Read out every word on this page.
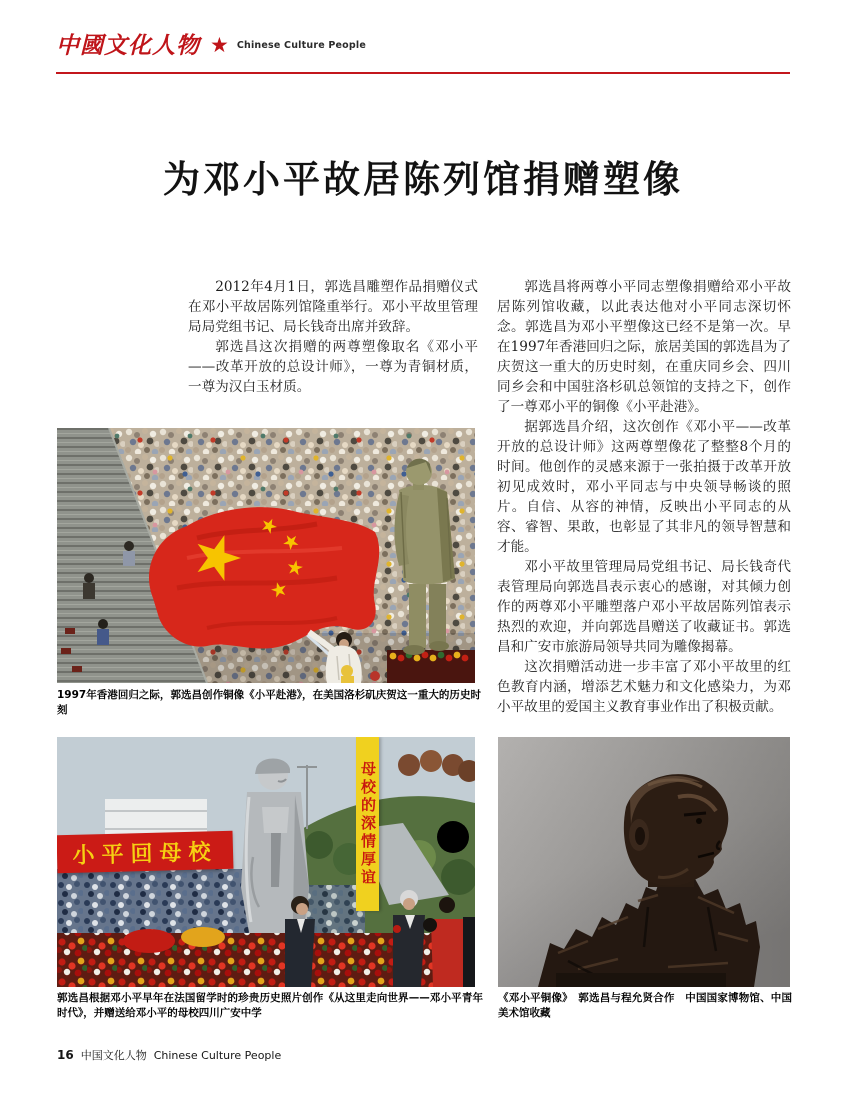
中國文化人物 ★ Chinese Culture People
为邓小平故居陈列馆捐赠塑像

2012年4月1日，郭选昌雕塑作品捐赠仪式在邓小平故居陈列馆隆重举行。邓小平故里管理局局党组书记、局长钱奇出席并致辞。

郭选昌这次捐赠的两尊塑像取名《邓小平——改革开放的总设计师》，一尊为青铜材质，一尊为汉白玉材质。

郭选昌将两尊小平同志塑像捐赠给邓小平故居陈列馆收藏，以此表达他对小平同志深切怀念。郭选昌为邓小平塑像这已经不是第一次。早在1997年香港回归之际，旅居美国的郭选昌为了庆贺这一重大的历史时刻，在重庆同乡会、四川同乡会和中国驻洛杉矶总领馆的支持之下，创作了一尊邓小平的铜像《小平赴港》。

据郭选昌介绍，这次创作《邓小平——改革开放的总设计师》这两尊塑像花了整整8个月的时间。他创作的灵感来源于一张拍摄于改革开放初见成效时，邓小平同志与中央领导畅谈的照片。自信、从容的神情，反映出小平同志的从容、睿智、果敢，也彰显了其非凡的领导智慧和才能。

邓小平故里管理局局党组书记、局长钱奇代表管理局向郭选昌表示衷心的感谢，对其倾力创作的两尊邓小平雕塑落户邓小平故居陈列馆表示热烈的欢迎，并向郭选昌赠送了收藏证书。郭选昌和广安市旅游局领导共同为雕像揭幕。

这次捐赠活动进一步丰富了邓小平故里的红色教育内涵，增添艺术魅力和文化感染力，为邓小平故里的爱国主义教育事业作出了积极贡献。

1997年香港回归之际，郭选昌创作铜像《小平赴港》，在美国洛杉矶庆贺这一重大的历史时刻
小平回母校	母校的深情厚谊
郭选昌根据邓小平早年在法国留学时的珍贵历史照片创作《从这里走向世界——邓小平青年时代》，并赠送给邓小平的母校四川广安中学
《邓小平铜像》　郭选昌与程允贤合作　中国国家博物馆、中国美术馆收藏
16 中国文化人物 Chinese Culture People
